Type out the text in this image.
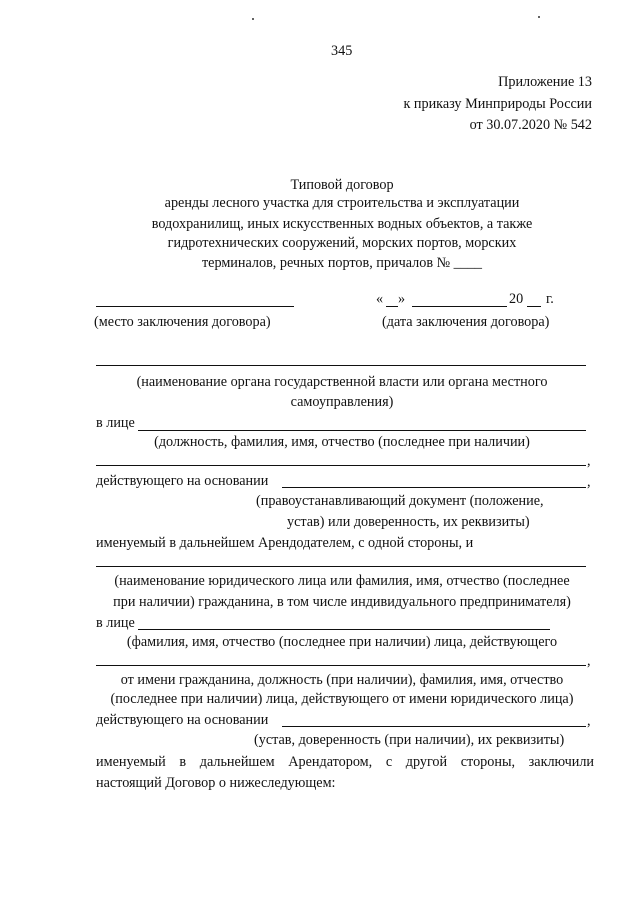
345
Приложение 13
к приказу Минприроды России
от 30.07.2020 № 542
Типовой договор
аренды лесного участка для строительства и эксплуатации
водохранилищ, иных искусственных водных объектов, а также
гидротехнических сооружений, морских портов, морских
терминалов, речных портов, причалов № ____
« »	20 г.
(место заключения договора)	(дата заключения договора)
(наименование органа государственной власти или органа местного
самоуправления)
в лице
(должность, фамилия, имя, отчество (последнее при наличии)
,
действующего на основании	,
(правоустанавливающий документ (положение,
устав) или доверенность, их реквизиты)
именуемый в дальнейшем Арендодателем, с одной стороны, и
(наименование юридического лица или фамилия, имя, отчество (последнее
при наличии) гражданина, в том числе индивидуального предпринимателя)
в лице
(фамилия, имя, отчество (последнее при наличии) лица, действующего
,
от имени гражданина, должность (при наличии), фамилия, имя, отчество
(последнее при наличии) лица, действующего от имени юридического лица)
действующего на основании	,
(устав, доверенность (при наличии), их реквизиты)
именуемый в дальнейшем Арендатором, с другой стороны, заключили
настоящий Договор о нижеследующем:
